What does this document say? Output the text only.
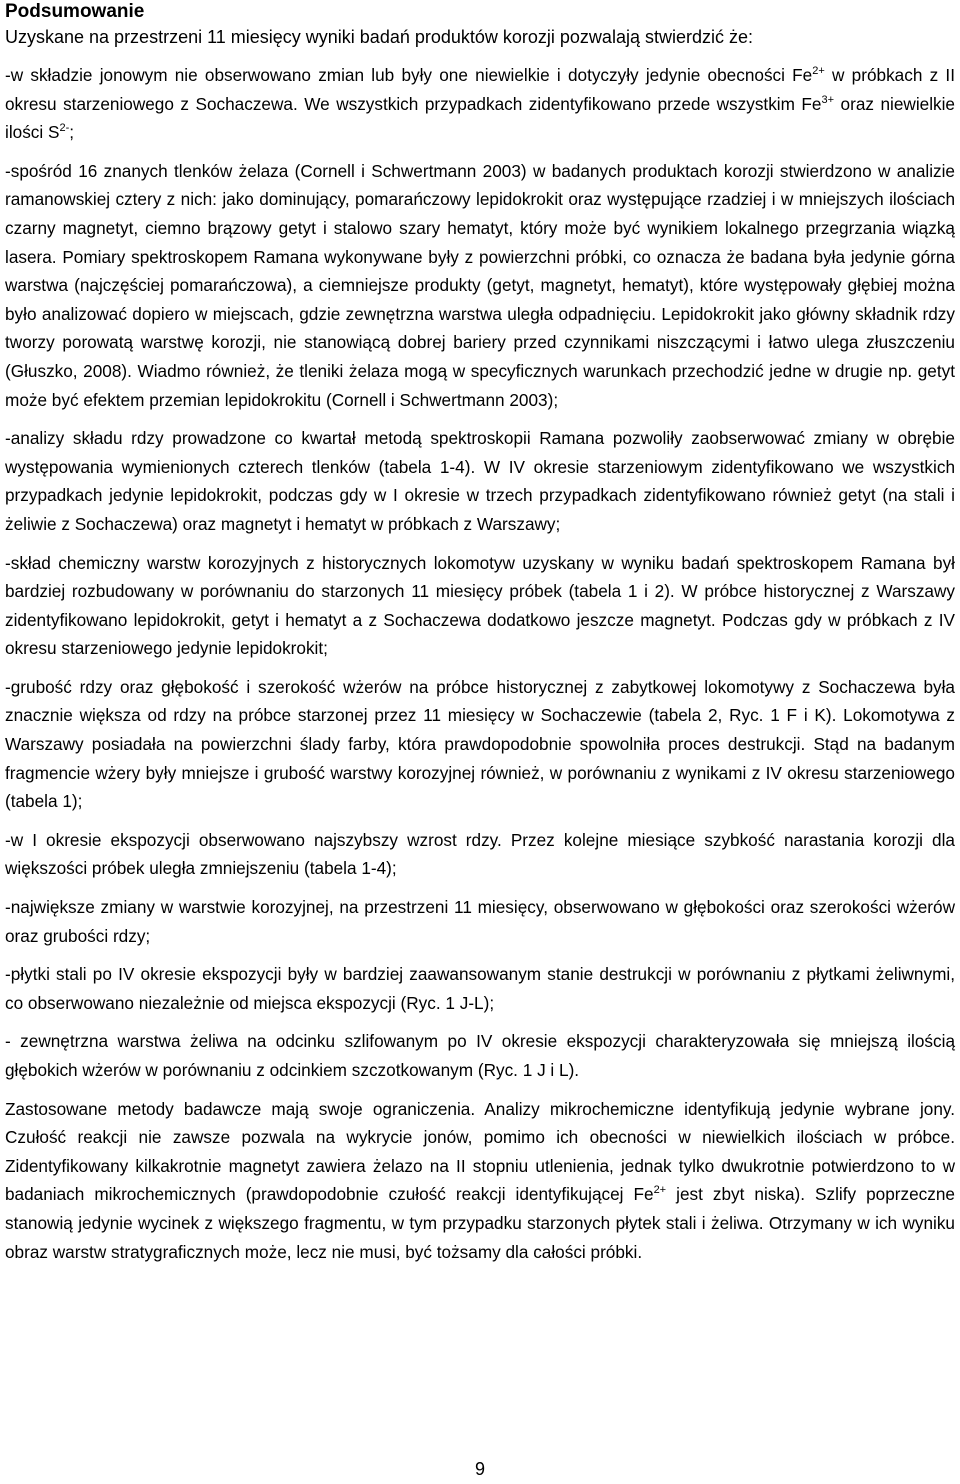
Podsumowanie

Uzyskane na przestrzeni 11 miesięcy wyniki badań produktów korozji pozwalają stwierdzić że:

-w składzie jonowym nie obserwowano zmian lub były one niewielkie i dotyczyły jedynie obecności $Fe^{2+}$ w próbkach z II okresu starzeniowego z Sochaczewa. We wszystkich przypadkach zidentyfikowano przede wszystkim $Fe^{3+}$ oraz niewielkie ilości $S^{2-}$;

-spośród 16 znanych tlenków żelaza (Cornell i Schwertmann 2003) w badanych produktach korozji stwierdzono w analizie ramanowskiej cztery z nich: jako dominujący, pomarańczowy lepidokrokit oraz występujące rzadziej i w mniejszych ilościach czarny magnetyt, ciemno brązowy getyt i stalowo szary hematyt, który może być wynikiem lokalnego przegrzania wiązką lasera. Pomiary spektroskopem Ramana wykonywane były z powierzchni próbki, co oznacza że badana była jedynie górna warstwa (najczęściej pomarańczowa), a ciemniejsze produkty (getyt, magnetyt, hematyt), które występowały głębiej można było analizować dopiero w miejscach, gdzie zewnętrzna warstwa uległa odpadnięciu. Lepidokrokit jako główny składnik rdzy tworzy porowatą warstwę korozji, nie stanowiącą dobrej bariery przed czynnikami niszczącymi i łatwo ulega złuszczeniu (Głuszko, 2008). Wiadmo również, że tleniki żelaza mogą w specyficznych warunkach przechodzić jedne w drugie np. getyt może być efektem przemian lepidokrokitu (Cornell i Schwertmann 2003);

-analizy składu rdzy prowadzone co kwartał metodą spektroskopii Ramana pozwoliły zaobserwować zmiany w obrębie występowania wymienionych czterech tlenków (tabela 1-4). W IV okresie starzeniowym zidentyfikowano we wszystkich przypadkach jedynie lepidokrokit, podczas gdy w I okresie w trzech przypadkach zidentyfikowano również getyt (na stali i żeliwie z Sochaczewa) oraz magnetyt i hematyt w próbkach z Warszawy;

-skład chemiczny warstw korozyjnych z historycznych lokomotyw uzyskany w wyniku badań spektroskopem Ramana był bardziej rozbudowany w porównaniu do starzonych 11 miesięcy próbek (tabela 1 i 2). W próbce historycznej z Warszawy zidentyfikowano lepidokrokit, getyt i hematyt a z Sochaczewa dodatkowo jeszcze magnetyt. Podczas gdy w próbkach z IV okresu starzeniowego jedynie lepidokrokit;

-grubość rdzy oraz głębokość i szerokość wżerów na próbce historycznej z zabytkowej lokomotywy z Sochaczewa była znacznie większa od rdzy na próbce starzonej przez 11 miesięcy w Sochaczewie (tabela 2, Ryc. 1 F i K). Lokomotywa z Warszawy posiadała na powierzchni ślady farby, która prawdopodobnie spowolniła proces destrukcji. Stąd na badanym fragmencie wżery były mniejsze i grubość warstwy korozyjnej również, w porównaniu z wynikami z IV okresu starzeniowego (tabela 1);

-w I okresie ekspozycji obserwowano najszybszy wzrost rdzy. Przez kolejne miesiące szybkość narastania korozji dla większości próbek uległa zmniejszeniu (tabela 1-4);

-największe zmiany w warstwie korozyjnej, na przestrzeni 11 miesięcy, obserwowano w głębokości oraz szerokości wżerów oraz grubości rdzy;

-płytki stali po IV okresie ekspozycji były w bardziej zaawansowanym stanie destrukcji w porównaniu z płytkami żeliwnymi, co obserwowano niezależnie od miejsca ekspozycji (Ryc. 1 J-L);

- zewnętrzna warstwa żeliwa na odcinku szlifowanym po IV okresie ekspozycji charakteryzowała się mniejszą ilością głębokich wżerów w porównaniu z odcinkiem szczotkowanym (Ryc. 1 J i L).

Zastosowane metody badawcze mają swoje ograniczenia. Analizy mikrochemiczne identyfikują jedynie wybrane jony. Czułość reakcji nie zawsze pozwala na wykrycie jonów, pomimo ich obecności w niewielkich ilościach w próbce. Zidentyfikowany kilkakrotnie magnetyt zawiera żelazo na II stopniu utlenienia, jednak tylko dwukrotnie potwierdzono to w badaniach mikrochemicznych (prawdopodobnie czułość reakcji identyfikującej $Fe^{2+}$ jest zbyt niska). Szlify poprzeczne stanowią jedynie wycinek z większego fragmentu, w tym przypadku starzonych płytek stali i żeliwa. Otrzymany w ich wyniku obraz warstw stratygraficznych może, lecz nie musi, być tożsamy dla całości próbki.

9
